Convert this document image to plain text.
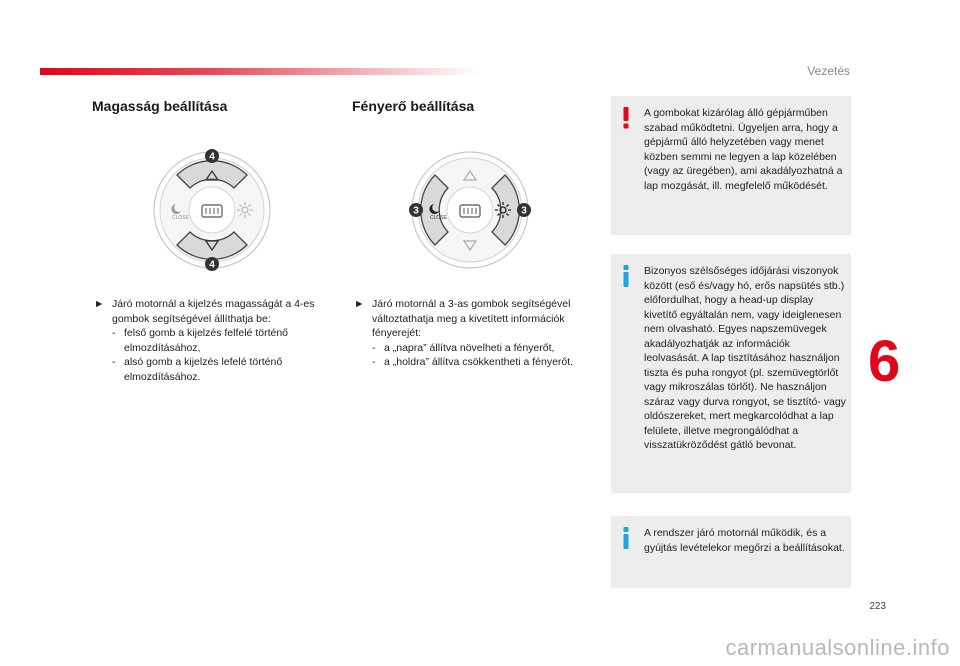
Vezetés
Magasság beállítása
CLOSE
4
4
► Járó motornál a kijelzés magasságát a 4-es gombok segítségével állíthatja be:
- felső gomb a kijelzés felfelé történő elmozdításához,
- alsó gomb a kijelzés lefelé történő elmozdításához.
Fényerő beállítása
CLOSE
3	3
► Járó motornál a 3-as gombok segítségével változtathatja meg a kivetített információk fényerejét:
- a „napra” állítva növelheti a fényerőt,
- a „holdra” állítva csökkentheti a fényerőt.
A gombokat kizárólag álló gépjárműben szabad működtetni. Ügyeljen arra, hogy a gépjármű álló helyzetében vagy menet közben semmi ne legyen a lap közelében (vagy az üregében), ami akadályozhatná a lap mozgását, ill. megfelelő működését.
Bizonyos szélsőséges időjárási viszonyok között (eső és/vagy hó, erős napsütés stb.) előfordulhat, hogy a head-up display kivetítő egyáltalán nem, vagy ideiglenesen nem olvasható. Egyes napszemüvegek akadályozhatják az információk leolvasását. A lap tisztításához használjon tiszta és puha rongyot (pl. szemüvegtörlőt vagy mikroszálas törlőt). Ne használjon száraz vagy durva rongyot, se tisztító- vagy oldószereket, mert megkarcolódhat a lap felülete, illetve megrongálódhat a visszatükröződést gátló bevonat.
A rendszer járó motornál működik, és a gyújtás levételekor megőrzi a beállításokat.
6
223
carmanualsonline.info
